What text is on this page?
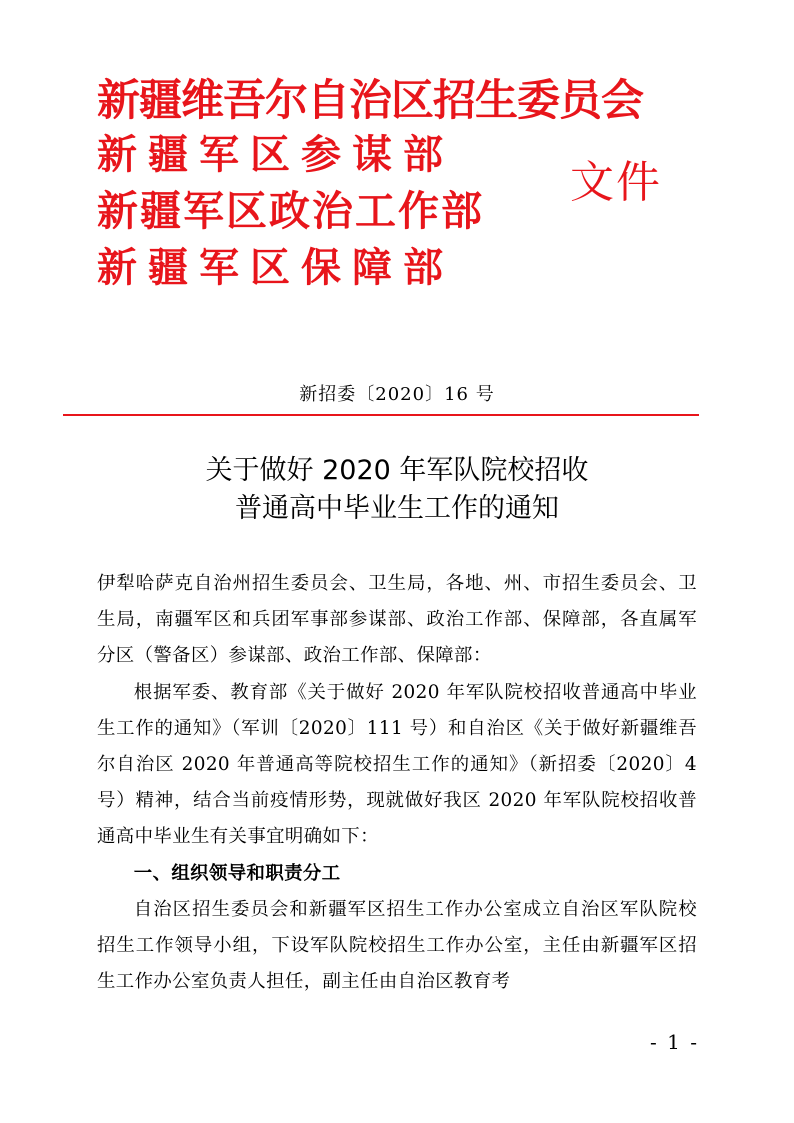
新疆维吾尔自治区招生委员会
新疆军区参谋部
新疆军区政治工作部
新疆军区保障部
文件
新招委〔2020〕16 号
关于做好 2020 年军队院校招收
普通高中毕业生工作的通知

伊犁哈萨克自治州招生委员会、卫生局，各地、州、市招生委员会、卫生局，南疆军区和兵团军事部参谋部、政治工作部、保障部，各直属军分区（警备区）参谋部、政治工作部、保障部：

根据军委、教育部《关于做好 2020 年军队院校招收普通高中毕业生工作的通知》（军训〔2020〕111 号）和自治区《关于做好新疆维吾尔自治区 2020 年普通高等院校招生工作的通知》（新招委〔2020〕4 号）精神，结合当前疫情形势，现就做好我区 2020 年军队院校招收普通高中毕业生有关事宜明确如下：

一、组织领导和职责分工

自治区招生委员会和新疆军区招生工作办公室成立自治区军队院校招生工作领导小组，下设军队院校招生工作办公室，主任由新疆军区招生工作办公室负责人担任，副主任由自治区教育考

- 1 -
